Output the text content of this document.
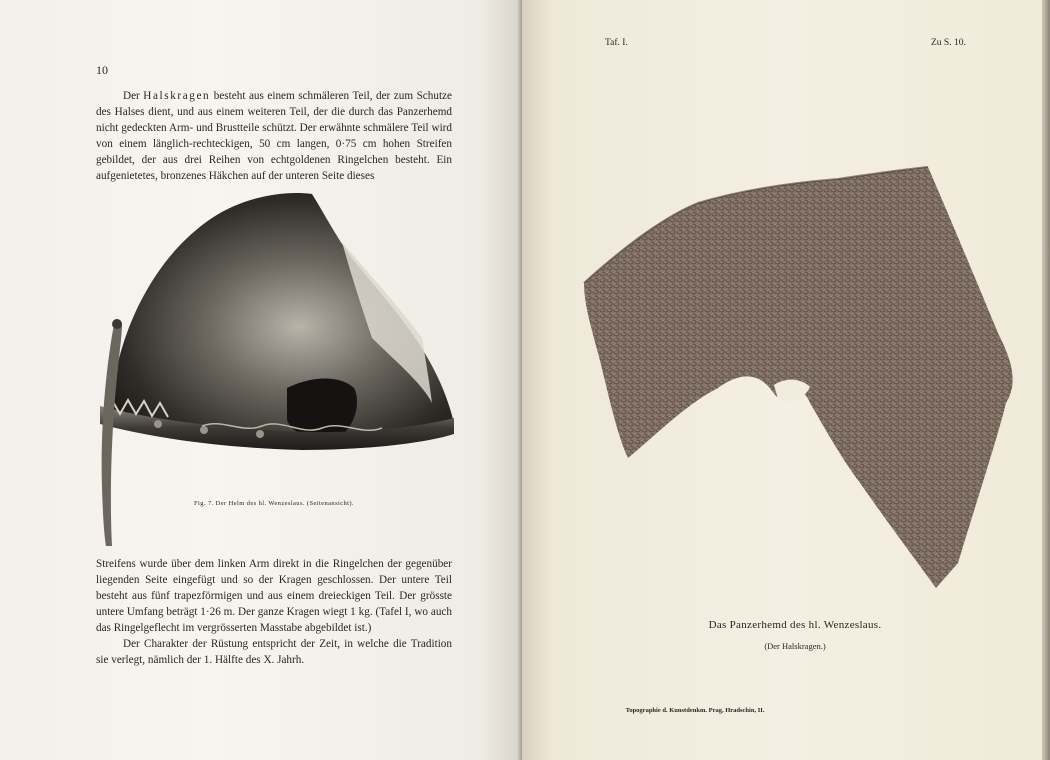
10

Der Halskragen besteht aus einem schmäleren Teil, der zum Schutze des Halses dient, und aus einem weiteren Teil, der die durch das Panzerhemd nicht gedeckten Arm- und Brustteile schützt. Der erwähnte schmälere Teil wird von einem länglich-rechteckigen, 50 cm langen, 0·75 cm hohen Streifen gebildet, der aus drei Reihen von echtgoldenen Ringelchen besteht. Ein aufgenietetes, bronzenes Häkchen auf der unteren Seite dieses

Fig. 7. Der Helm des hl. Wenzeslaus. (Seitenansicht).

Streifens wurde über dem linken Arm direkt in die Ringelchen der gegenüber liegenden Seite eingefügt und so der Kragen geschlossen. Der untere Teil besteht aus fünf trapezförmigen und aus einem dreieckigen Teil. Der grösste untere Umfang beträgt 1·26 m. Der ganze Kragen wiegt 1 kg. (Tafel I, wo auch das Ringelgeflecht im vergrösserten Masstabe abgebildet ist.)

Der Charakter der Rüstung entspricht der Zeit, in welche die Tradition sie verlegt, nämlich der 1. Hälfte des X. Jahrh.

Taf. I.	Zu S. 10.
Das Panzerhemd des hl. Wenzeslaus.
(Der Halskragen.)
Topographie d. Kunstdenkm. Prag, Hradschin, II.
